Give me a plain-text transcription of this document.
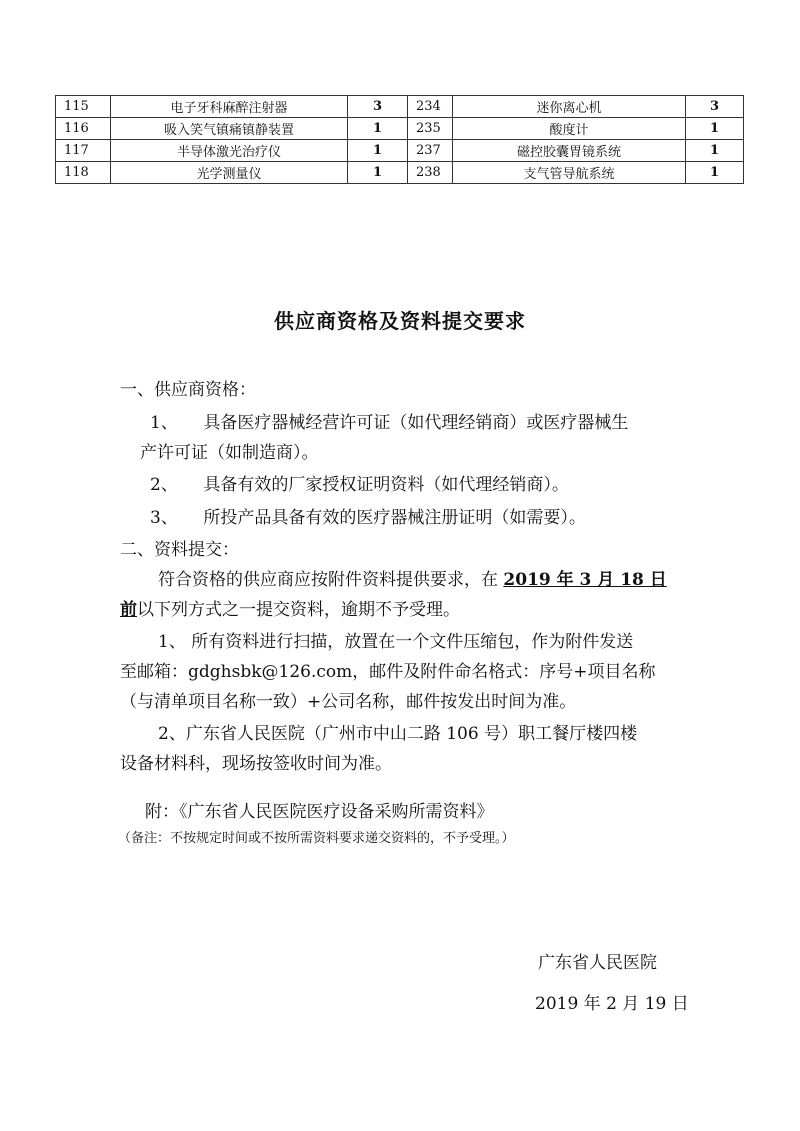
115	电子牙科麻醉注射器	3	234	迷你离心机	3
116	吸入笑气镇痛镇静装置	1	235	酸度计	1
117	半导体激光治疗仪	1	237	磁控胶囊胃镜系统	1
118	光学测量仪	1	238	支气管导航系统	1
供应商资格及资料提交要求
一、供应商资格：
1、　　具备医疗器械经营许可证（如代理经销商）或医疗器械生
产许可证（如制造商）。
2、　　具备有效的厂家授权证明资料（如代理经销商）。
3、　　所投产品具备有效的医疗器械注册证明（如需要）。
二、资料提交：
符合资格的供应商应按附件资料提供要求，在 2019 年 3 月 18 日
前以下列方式之一提交资料，逾期不予受理。
1、 所有资料进行扫描，放置在一个文件压缩包，作为附件发送
至邮箱：gdghsbk@126.com，邮件及附件命名格式：序号+项目名称
（与清单项目名称一致）+公司名称，邮件按发出时间为准。
2、广东省人民医院（广州市中山二路 106 号）职工餐厅楼四楼
设备材料科，现场按签收时间为准。
附：《广东省人民医院医疗设备采购所需资料》
（备注：不按规定时间或不按所需资料要求递交资料的，不予受理。）
广东省人民医院
2019 年 2 月 19 日
